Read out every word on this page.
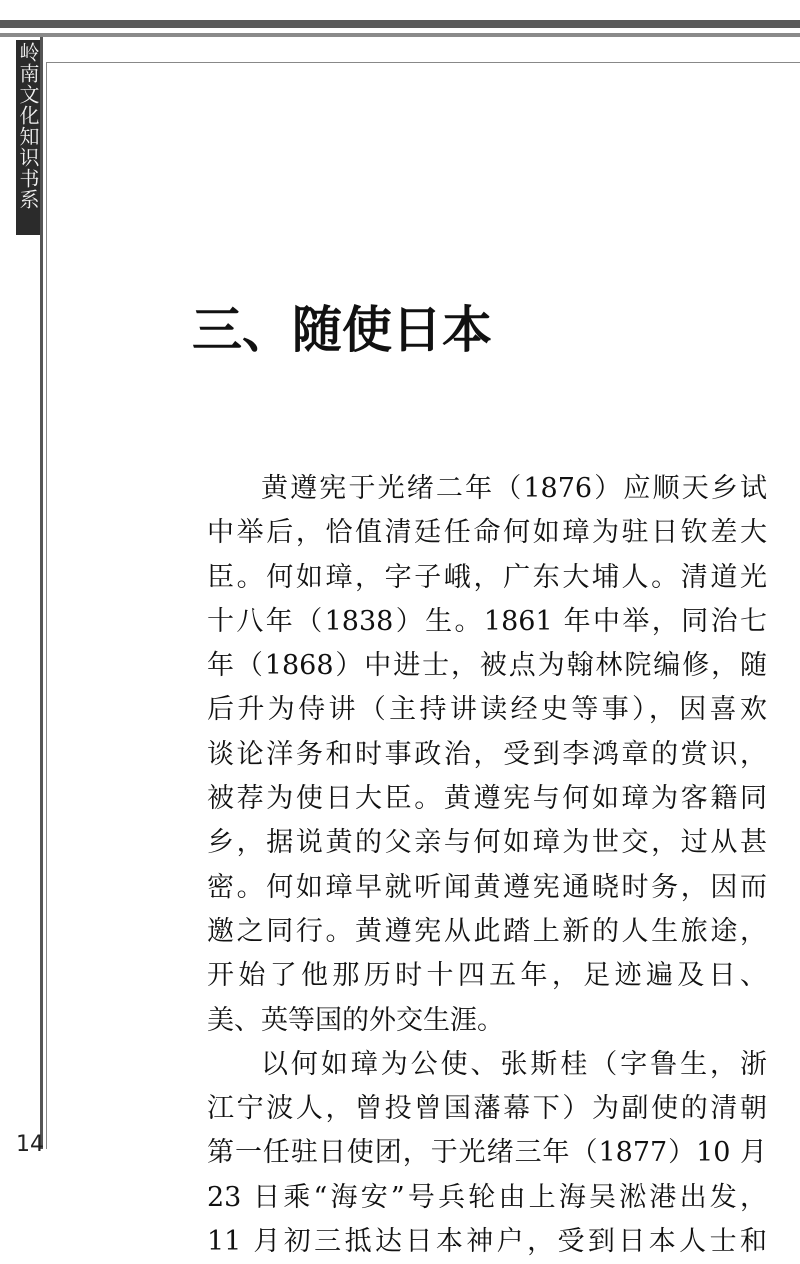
岭南文化知识书系
三、随使日本
黄遵宪于光绪二年（1876）应顺天乡试
中举后，恰值清廷任命何如璋为驻日钦差大
臣。何如璋，字子峨，广东大埔人。清道光
十八年（1838）生。1861 年中举，同治七
年（1868）中进士，被点为翰林院编修，随
后升为侍讲（主持讲读经史等事），因喜欢
谈论洋务和时事政治，受到李鸿章的赏识，
被荐为使日大臣。黄遵宪与何如璋为客籍同
乡，据说黄的父亲与何如璋为世交，过从甚
密。何如璋早就听闻黄遵宪通晓时务，因而
邀之同行。黄遵宪从此踏上新的人生旅途，
开始了他那历时十四五年，足迹遍及日、
美、英等国的外交生涯。
以何如璋为公使、张斯桂（字鲁生，浙
江宁波人，曾投曾国藩幕下）为副使的清朝
第一任驻日使团，于光绪三年（1877）10 月
23 日乘“海安”号兵轮由上海吴淞港出发，
11 月初三抵达日本神户，受到日本人士和
14
